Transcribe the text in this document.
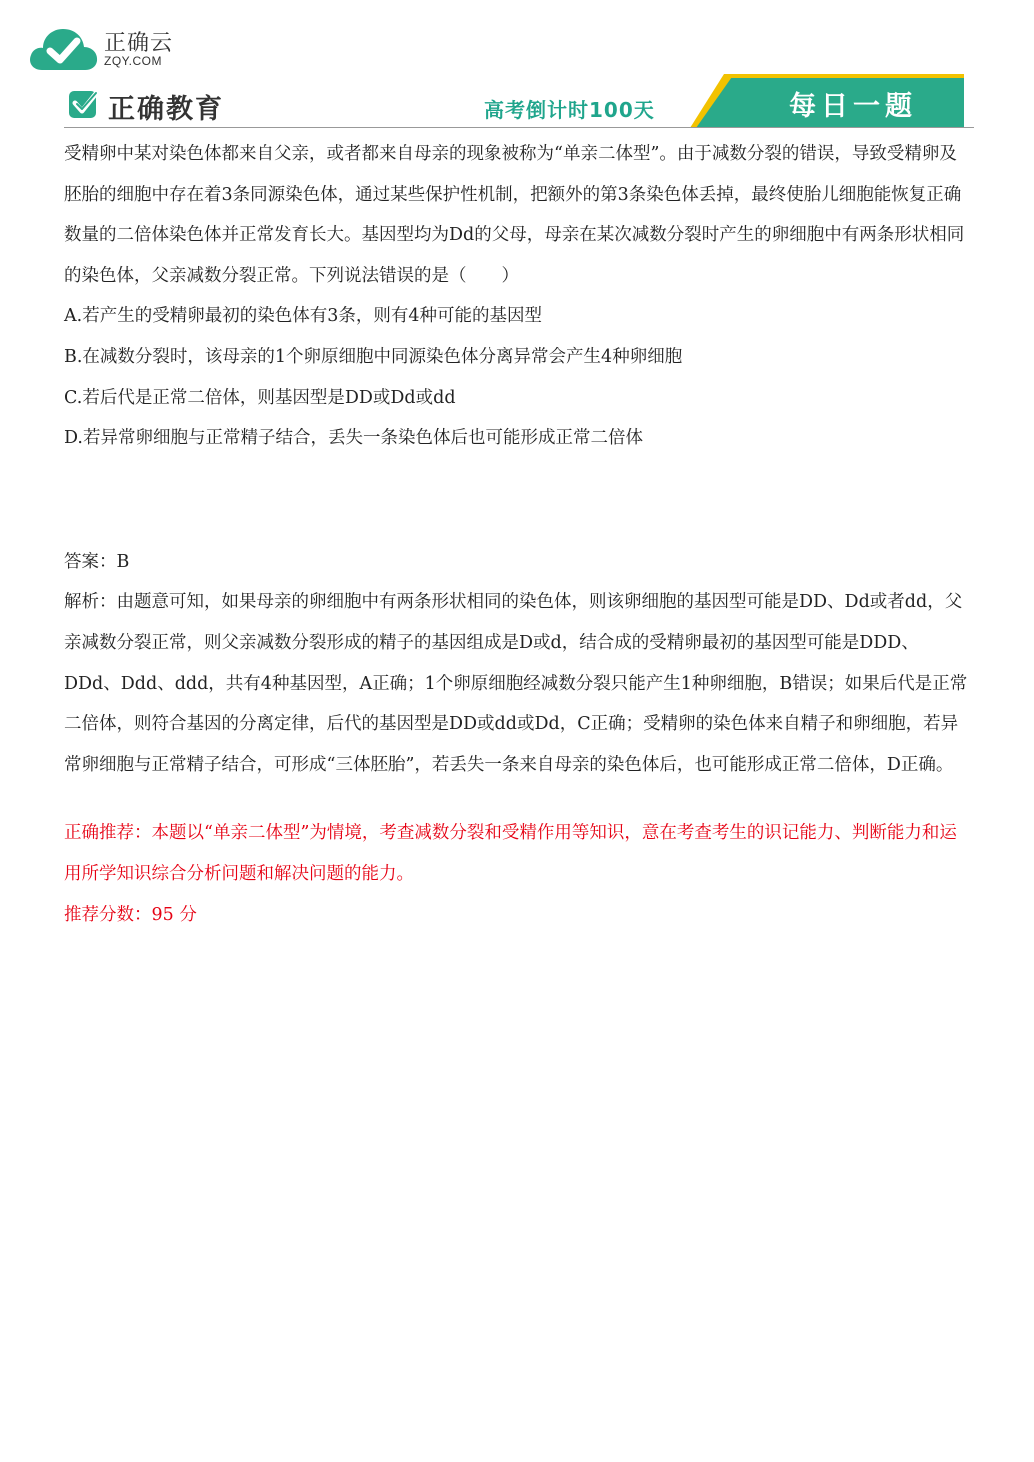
正确云
ZQY.COM
正确教育	高考倒计时100天	每日一题

受精卵中某对染色体都来自父亲，或者都来自母亲的现象被称为“单亲二体型”。由于减数分裂的错误，导致受精卵及胚胎的细胞中存在着3条同源染色体，通过某些保护性机制，把额外的第3条染色体丢掉，最终使胎儿细胞能恢复正确数量的二倍体染色体并正常发育长大。基因型均为Dd的父母，母亲在某次减数分裂时产生的卵细胞中有两条形状相同的染色体，父亲减数分裂正常。下列说法错误的是（　　）

A.若产生的受精卵最初的染色体有3条，则有4种可能的基因型

B.在减数分裂时，该母亲的1个卵原细胞中同源染色体分离异常会产生4种卵细胞

C.若后代是正常二倍体，则基因型是DD或Dd或dd

D.若异常卵细胞与正常精子结合，丢失一条染色体后也可能形成正常二倍体

答案：B

解析：由题意可知，如果母亲的卵细胞中有两条形状相同的染色体，则该卵细胞的基因型可能是DD、Dd或者dd，父亲减数分裂正常，则父亲减数分裂形成的精子的基因组成是D或d，结合成的受精卵最初的基因型可能是DDD、DDd、Ddd、ddd，共有4种基因型，A正确；1个卵原细胞经减数分裂只能产生1种卵细胞，B错误；如果后代是正常二倍体，则符合基因的分离定律，后代的基因型是DD或dd或Dd，C正确；受精卵的染色体来自精子和卵细胞，若异常卵细胞与正常精子结合，可形成“三体胚胎”，若丢失一条来自母亲的染色体后，也可能形成正常二倍体，D正确。

正确推荐：本题以“单亲二体型”为情境，考查减数分裂和受精作用等知识，意在考查考生的识记能力、判断能力和运用所学知识综合分析问题和解决问题的能力。
推荐分数：95 分
